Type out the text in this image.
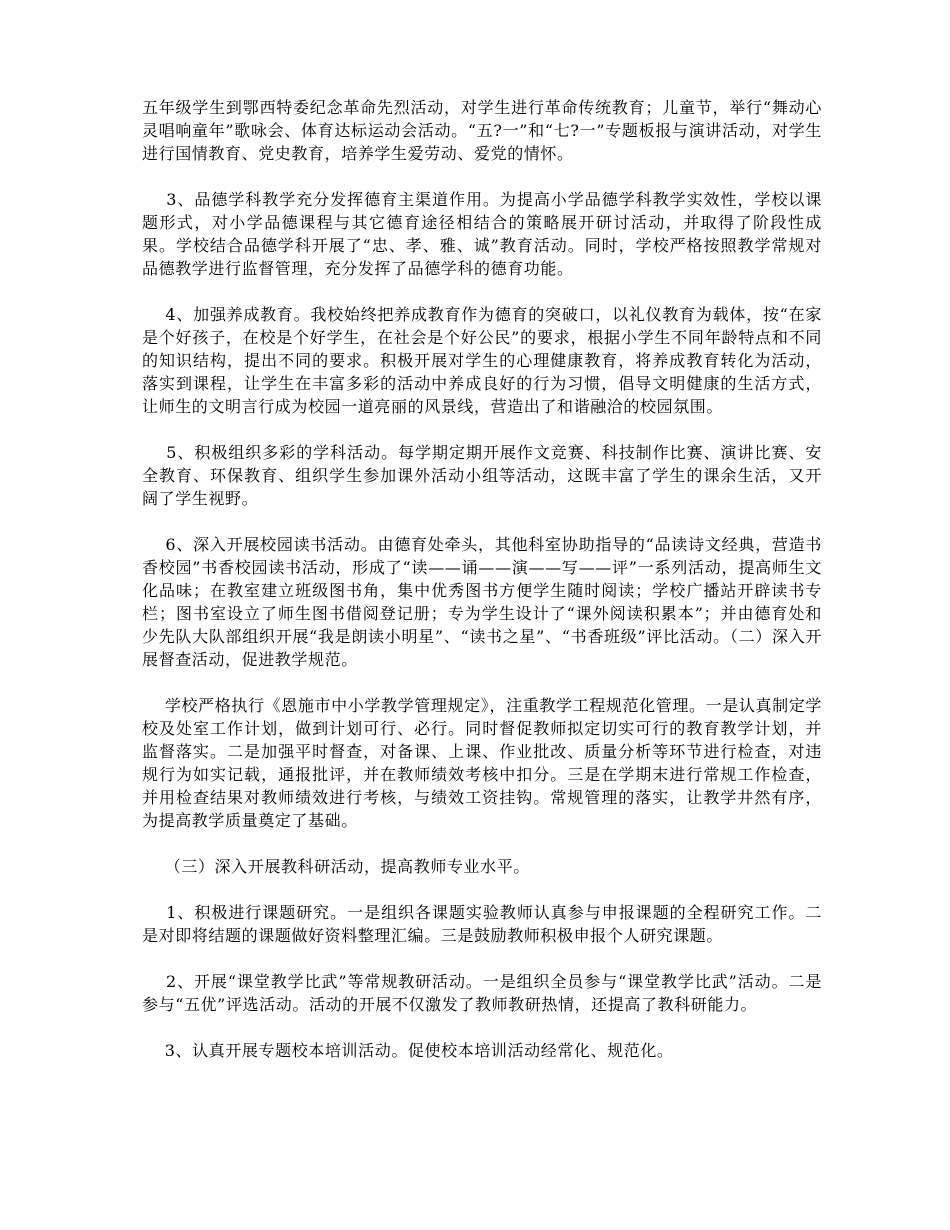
五年级学生到鄂西特委纪念革命先烈活动，对学生进行革命传统教育；儿童节，举行“舞动心灵唱响童年”歌咏会、体育达标运动会活动。“五?一”和“七?一”专题板报与演讲活动，对学生进行国情教育、党史教育，培养学生爱劳动、爱党的情怀。

3、品德学科教学充分发挥德育主渠道作用。为提高小学品德学科教学实效性，学校以课题形式，对小学品德课程与其它德育途径相结合的策略展开研讨活动，并取得了阶段性成果。学校结合品德学科开展了“忠、孝、雅、诚”教育活动。同时，学校严格按照教学常规对品德教学进行监督管理，充分发挥了品德学科的德育功能。

4、加强养成教育。我校始终把养成教育作为德育的突破口，以礼仪教育为载体，按“在家是个好孩子，在校是个好学生，在社会是个好公民”的要求，根据小学生不同年龄特点和不同的知识结构，提出不同的要求。积极开展对学生的心理健康教育，将养成教育转化为活动，落实到课程，让学生在丰富多彩的活动中养成良好的行为习惯，倡导文明健康的生活方式，让师生的文明言行成为校园一道亮丽的风景线，营造出了和谐融洽的校园氛围。

5、积极组织多彩的学科活动。每学期定期开展作文竞赛、科技制作比赛、演讲比赛、安全教育、环保教育、组织学生参加课外活动小组等活动，这既丰富了学生的课余生活，又开阔了学生视野。

6、深入开展校园读书活动。由德育处牵头，其他科室协助指导的“品读诗文经典，营造书香校园”书香校园读书活动，形成了“读——诵——演——写——评”一系列活动，提高师生文化品味；在教室建立班级图书角，集中优秀图书方便学生随时阅读；学校广播站开辟读书专栏；图书室设立了师生图书借阅登记册；专为学生设计了“课外阅读积累本”；并由德育处和少先队大队部组织开展“我是朗读小明星”、“读书之星”、“书香班级”评比活动。（二）深入开展督查活动，促进教学规范。

学校严格执行《恩施市中小学教学管理规定》，注重教学工程规范化管理。一是认真制定学校及处室工作计划，做到计划可行、必行。同时督促教师拟定切实可行的教育教学计划，并监督落实。二是加强平时督查，对备课、上课、作业批改、质量分析等环节进行检查，对违规行为如实记载，通报批评，并在教师绩效考核中扣分。三是在学期末进行常规工作检查，并用检查结果对教师绩效进行考核，与绩效工资挂钩。常规管理的落实，让教学井然有序，为提高教学质量奠定了基础。

（三）深入开展教科研活动，提高教师专业水平。

1、积极进行课题研究。一是组织各课题实验教师认真参与申报课题的全程研究工作。二是对即将结题的课题做好资料整理汇编。三是鼓励教师积极申报个人研究课题。

2、开展“课堂教学比武”等常规教研活动。一是组织全员参与“课堂教学比武”活动。二是参与“五优”评选活动。活动的开展不仅激发了教师教研热情，还提高了教科研能力。

3、认真开展专题校本培训活动。促使校本培训活动经常化、规范化。
